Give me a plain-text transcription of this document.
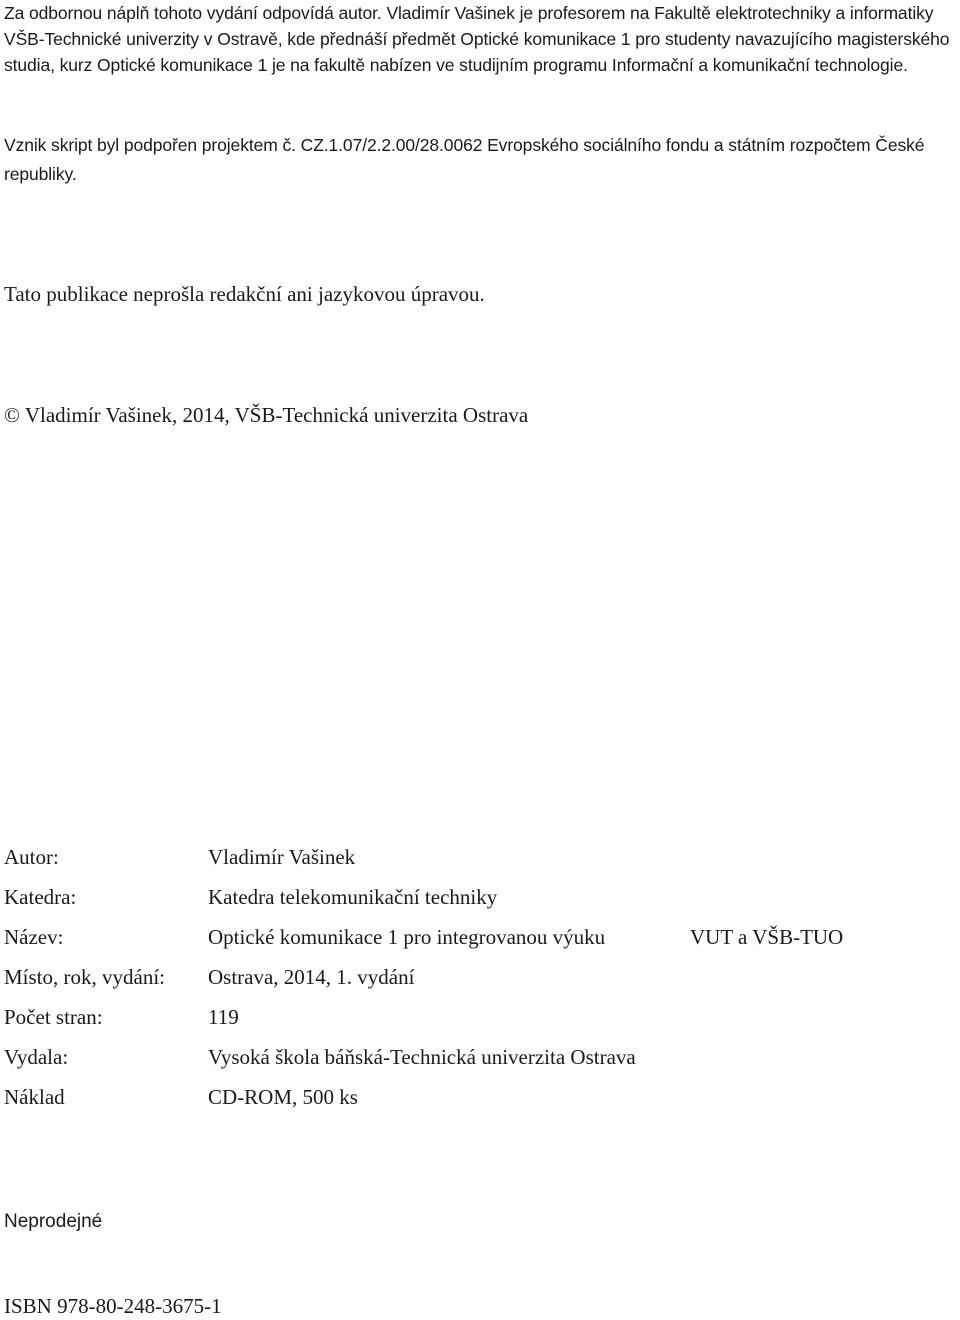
Za odbornou náplň tohoto vydání odpovídá autor. Vladimír Vašinek je profesorem na Fakultě elektrotechniky a informatiky VŠB-Technické univerzity v Ostravě, kde přednáší předmět Optické komunikace 1 pro studenty navazujícího magisterského studia, kurz Optické komunikace 1 je na fakultě nabízen ve studijním programu Informační a komunikační technologie.

Vznik skript byl podpořen projektem č. CZ.1.07/2.2.00/28.0062 Evropského sociálního fondu a státním rozpočtem České republiky.

Tato publikace neprošla redakční ani jazykovou úpravou.

© Vladimír Vašinek, 2014, VŠB-Technická univerzita Ostrava

Autor:	Vladimír Vašinek
Katedra:	Katedra telekomunikační techniky
Název:	Optické komunikace 1 pro integrovanou výuku	VUT a VŠB-TUO
Místo, rok, vydání: Ostrava, 2014, 1. vydání
Počet stran:	119
Vydala:	Vysoká škola báňská-Technická univerzita Ostrava
Náklad	CD-ROM, 500 ks

Neprodejné

ISBN 978-80-248-3675-1
